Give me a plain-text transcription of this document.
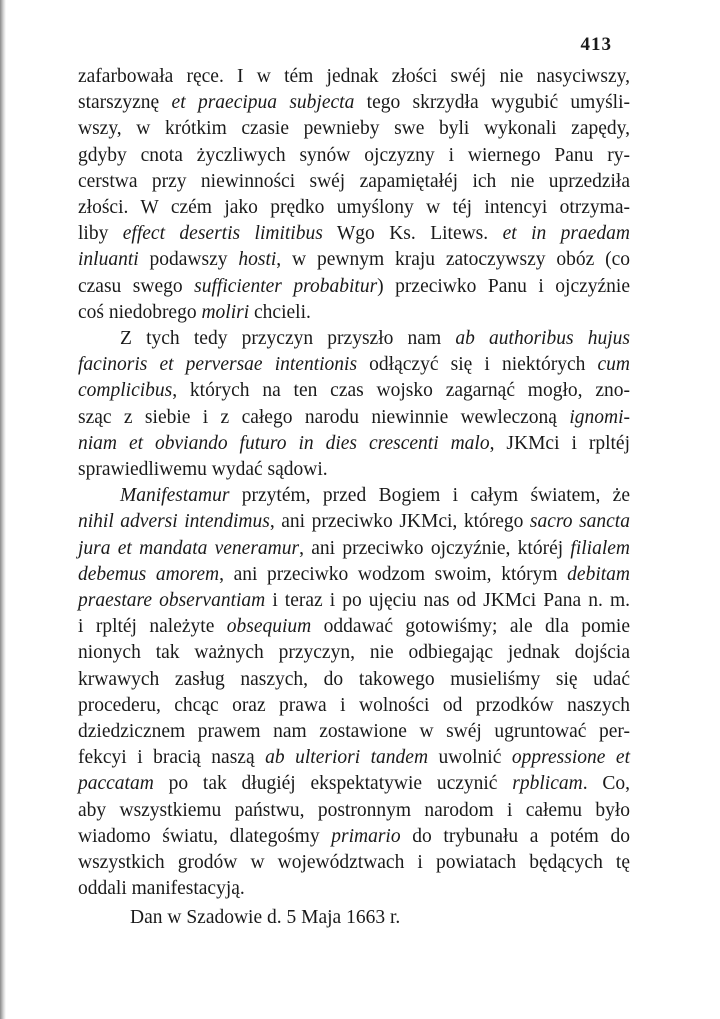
413
zafarbowała ręce. I w tém jednak złości swéj nie nasyciwszy,
starszyznę et praecipua subjecta tego skrzydła wygubić umyśli-
wszy, w krótkim czasie pewnieby swe byli wykonali zapędy,
gdyby cnota życzliwych synów ojczyzny i wiernego Panu ry-
cerstwa przy niewinności swéj zapamiętałéj ich nie uprzedziła
złości. W czém jako prędko umyślony w téj intencyi otrzyma-
liby effect desertis limitibus Wgo Ks. Litews. et in praedam
inluanti podawszy hosti, w pewnym kraju zatoczywszy obóz (co
czasu swego sufficienter probabitur) przeciwko Panu i ojczyźnie
coś niedobrego moliri chcieli.
Z tych tedy przyczyn przyszło nam ab authoribus hujus
facinoris et perversae intentionis odłączyć się i niektórych cum
complicibus, których na ten czas wojsko zagarnąć mogło, zno-
sząc z siebie i z całego narodu niewinnie wewleczoną ignomi-
niam et obviando futuro in dies crescenti malo, JKMci i rpltéj
sprawiedliwemu wydać sądowi.
Manifestamur przytém, przed Bogiem i całym światem, że
nihil adversi intendimus, ani przeciwko JKMci, którego sacro sancta
jura et mandata veneramur, ani przeciwko ojczyźnie, któréj filialem
debemus amorem, ani przeciwko wodzom swoim, którym debitam
praestare observantiam i teraz i po ujęciu nas od JKMci Pana n. m.
i rpltéj należyte obsequium oddawać gotowiśmy; ale dla pomie
nionych tak ważnych przyczyn, nie odbiegając jednak dojścia
krwawych zasług naszych, do takowego musieliśmy się udać
procederu, chcąc oraz prawa i wolności od przodków naszych
dziedzicznem prawem nam zostawione w swéj ugruntować per-
fekcyi i bracią naszą ab ulteriori tandem uwolnić oppressione et
paccatam po tak długiéj ekspektatywie uczynić rpblicam. Co,
aby wszystkiemu państwu, postronnym narodom i całemu było
wiadomo światu, dlategośmy primario do trybunału a potém do
wszystkich grodów w województwach i powiatach będących tę
oddali manifestacyją.
Dan w Szadowie d. 5 Maja 1663 r.
